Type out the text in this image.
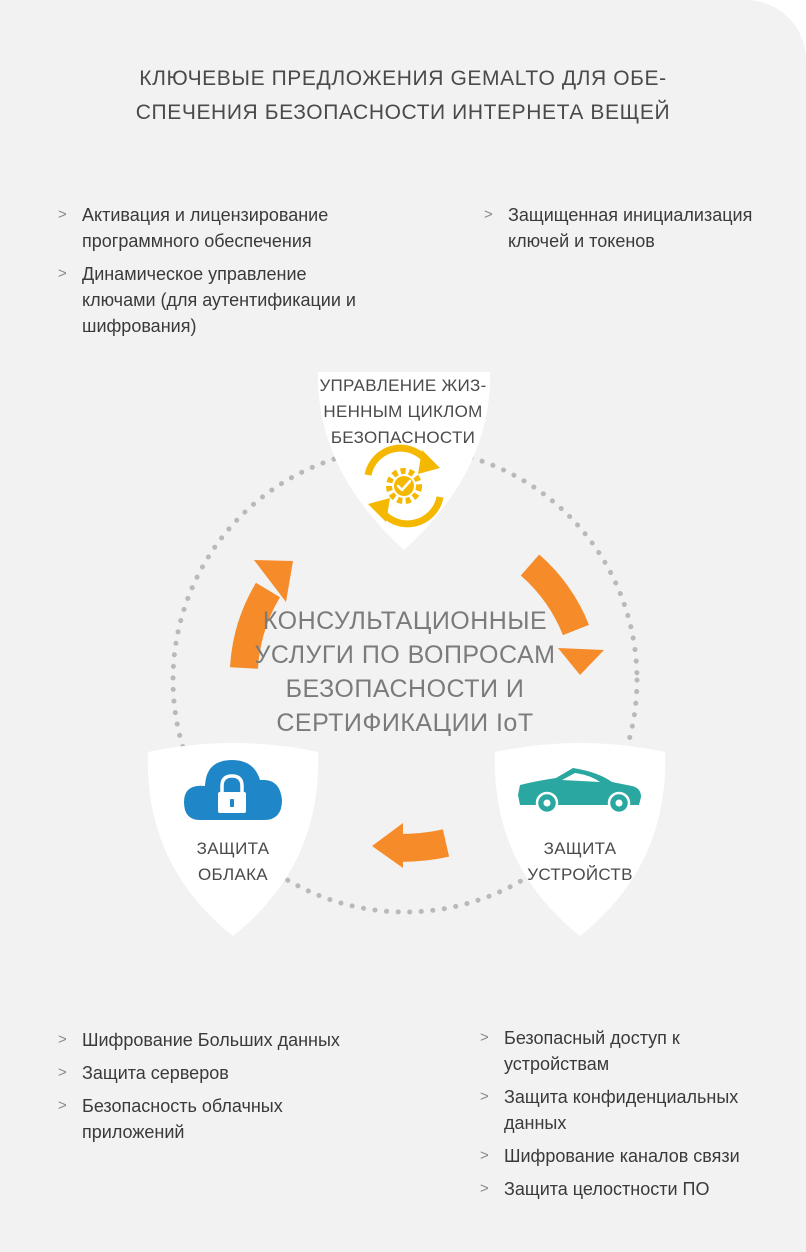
КЛЮЧЕВЫЕ ПРЕДЛОЖЕНИЯ GEMALTO ДЛЯ ОБЕ-
СПЕЧЕНИЯ БЕЗОПАСНОСТИ ИНТЕРНЕТА ВЕЩЕЙ
> Активация и лицензирование
программного обеспечения
> Динамическое управление
ключами (для аутентификации и
шифрования)
> Защищенная инициализация
ключей и токенов
УПРАВЛЕНИЕ ЖИЗ-
НЕННЫМ ЦИКЛОМ
БЕЗОПАСНОСТИ
ЗАЩИТА
ОБЛАКА
ЗАЩИТА
УСТРОЙСТВ
КОНСУЛЬТАЦИОННЫЕ
УСЛУГИ ПО ВОПРОСАМ
БЕЗОПАСНОСТИ И
СЕРТИФИКАЦИИ IoT
> Шифрование Больших данных
> Защита серверов
> Безопасность облачных
приложений
> Безопасный доступ к
устройствам
> Защита конфиденциальных
данных
> Шифрование каналов связи
> Защита целостности ПО
